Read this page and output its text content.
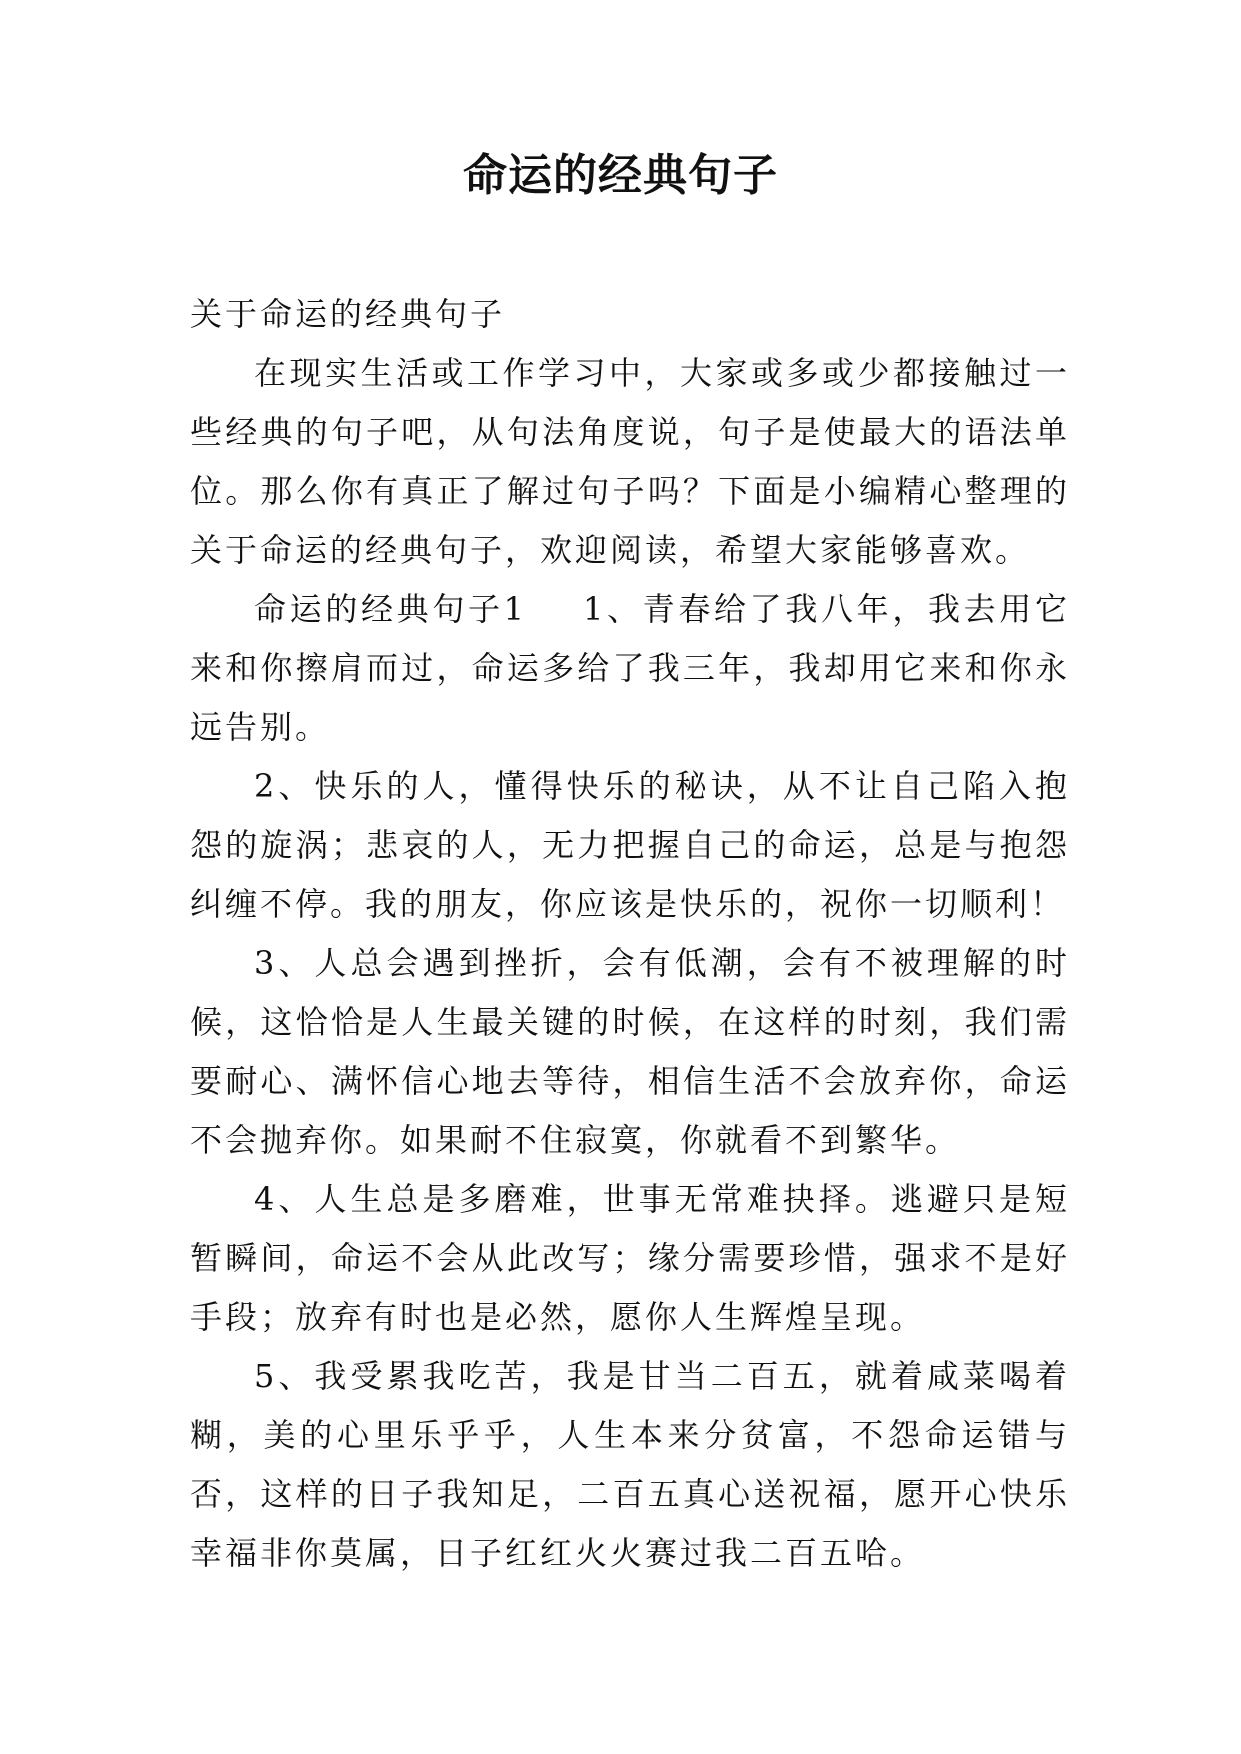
命运的经典句子

关于命运的经典句子

在现实生活或工作学习中，大家或多或少都接触过一些经典的句子吧，从句法角度说，句子是使最大的语法单位。那么你有真正了解过句子吗？下面是小编精心整理的关于命运的经典句子，欢迎阅读，希望大家能够喜欢。

命运的经典句子1 1、青春给了我八年，我去用它来和你擦肩而过，命运多给了我三年，我却用它来和你永远告别。

2、快乐的人，懂得快乐的秘诀，从不让自己陷入抱怨的旋涡；悲哀的人，无力把握自己的命运，总是与抱怨纠缠不停。我的朋友，你应该是快乐的，祝你一切顺利！

3、人总会遇到挫折，会有低潮，会有不被理解的时候，这恰恰是人生最关键的时候，在这样的时刻，我们需要耐心、满怀信心地去等待，相信生活不会放弃你，命运不会抛弃你。如果耐不住寂寞，你就看不到繁华。

4、人生总是多磨难，世事无常难抉择。逃避只是短暂瞬间，命运不会从此改写；缘分需要珍惜，强求不是好手段；放弃有时也是必然，愿你人生辉煌呈现。

5、我受累我吃苦，我是甘当二百五，就着咸菜喝着糊，美的心里乐乎乎，人生本来分贫富，不怨命运错与否，这样的日子我知足，二百五真心送祝福，愿开心快乐幸福非你莫属，日子红红火火赛过我二百五哈。
